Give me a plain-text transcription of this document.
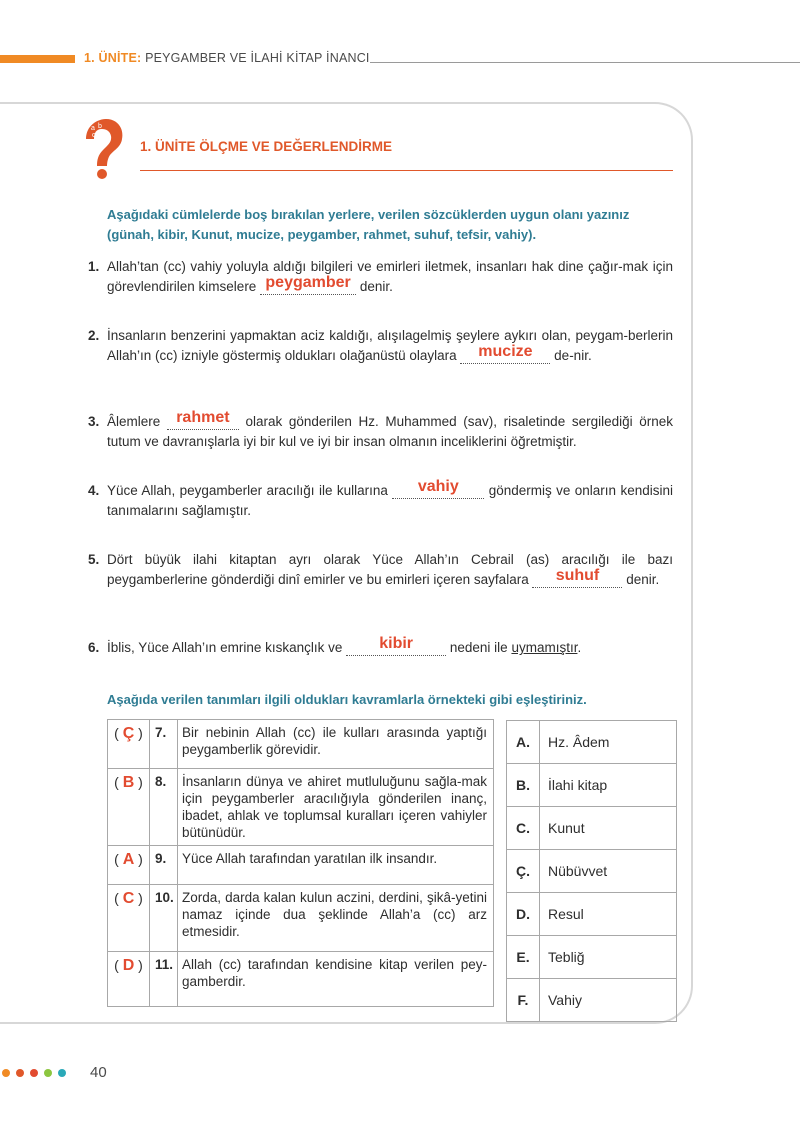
1. ÜNİTE: PEYGAMBER VE İLAHİ KİTAP İNANCI
a b
c d
1. ÜNİTE ÖLÇME VE DEĞERLENDİRME
Aşağıdaki cümlelerde boş bırakılan yerlere, verilen sözcüklerden uygun olanı yazınız (günah, kibir, Kunut, mucize, peygamber, rahmet, suhuf, tefsir, vahiy).
1. Allah’tan (cc) vahiy yoluyla aldığı bilgileri ve emirleri iletmek, insanları hak dine çağır-mak için görevlendirilen kimselere peygamber denir.
2. İnsanların benzerini yapmaktan aciz kaldığı, alışılagelmiş şeylere aykırı olan, peygam-berlerin Allah’ın (cc) izniyle göstermiş oldukları olağanüstü olaylara mucize de-nir.
3. Âlemlere rahmet olarak gönderilen Hz. Muhammed (sav), risaletinde sergilediği örnek tutum ve davranışlarla iyi bir kul ve iyi bir insan olmanın inceliklerini öğretmiştir.
4. Yüce Allah, peygamberler aracılığı ile kullarına vahiy göndermiş ve onların kendisini tanımalarını sağlamıştır.
5. Dört büyük ilahi kitaptan ayrı olarak Yüce Allah’ın Cebrail (as) aracılığı ile bazı peygamberlerine gönderdiği dinî emirler ve bu emirleri içeren sayfalara suhuf denir.
6. İblis, Yüce Allah’ın emrine kıskançlık ve kibir nedeni ile uymamıştır.
Aşağıda verilen tanımları ilgili oldukları kavramlarla örnekteki gibi eşleştiriniz.
( Ç )	7.	Bir nebinin Allah (cc) ile kulları arasında yaptığı peygamberlik görevidir.
( B )	8.	İnsanların dünya ve ahiret mutluluğunu sağla-mak için peygamberler aracılığıyla gönderilen inanç, ibadet, ahlak ve toplumsal kuralları içeren vahiyler bütünüdür.
( A )	9.	Yüce Allah tarafından yaratılan ilk insandır.
( C )	10.	Zorda, darda kalan kulun aczini, derdini, şikâ-yetini namaz içinde dua şeklinde Allah’a (cc) arz etmesidir.
( D )	11.	Allah (cc) tarafından kendisine kitap verilen pey-gamberdir.
A.	Hz. Âdem
B.	İlahi kitap
C.	Kunut
Ç.	Nübüvvet
D.	Resul
E.	Tebliğ
F.	Vahiy
40
